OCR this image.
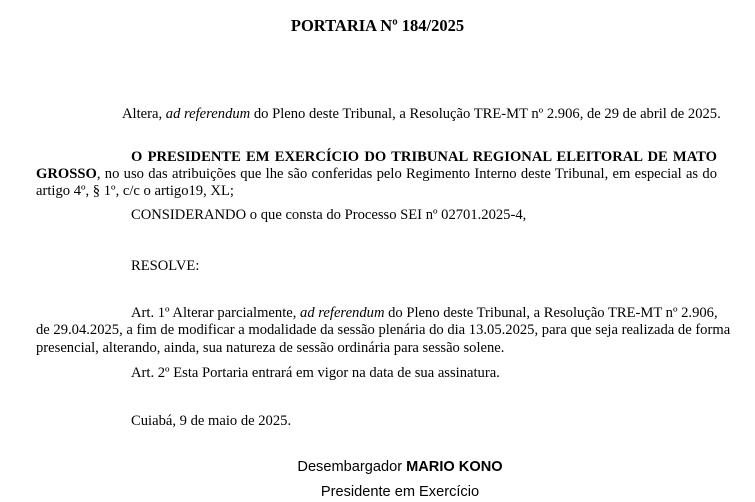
PORTARIA Nº 184/2025
Altera, ad referendum do Pleno deste Tribunal, a Resolução TRE-MT nº 2.906, de 29 de abril de 2025.
O PRESIDENTE EM EXERCÍCIO DO TRIBUNAL REGIONAL ELEITORAL DE MATO
GROSSO, no uso das atribuições que lhe são conferidas pelo Regimento Interno deste Tribunal, em especial as do
artigo 4º, § 1º, c/c o artigo19, XL;
CONSIDERANDO o que consta do Processo SEI nº 02701.2025-4,
RESOLVE:
Art. 1º Alterar parcialmente, ad referendum do Pleno deste Tribunal, a Resolução TRE-MT nº 2.906,
de 29.04.2025, a fim de modificar a modalidade da sessão plenária do dia 13.05.2025, para que seja realizada de forma
presencial, alterando, ainda, sua natureza de sessão ordinária para sessão solene.
Art. 2º Esta Portaria entrará em vigor na data de sua assinatura.
Cuiabá, 9 de maio de 2025.
Desembargador MARIO KONO
Presidente em Exercício
